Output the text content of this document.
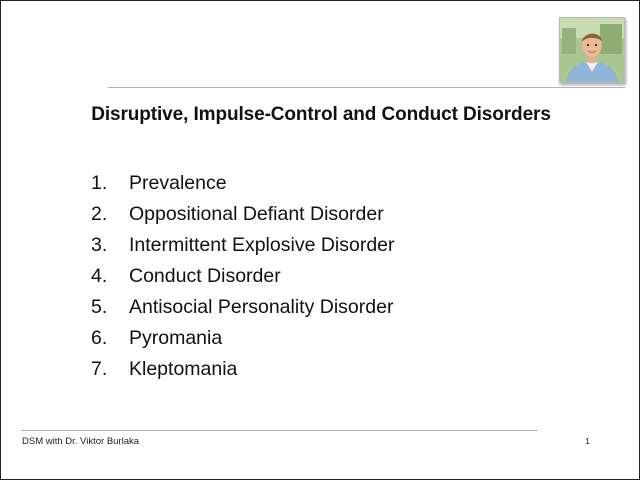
Disruptive, Impulse-Control and Conduct Disorders
1. Prevalence
2. Oppositional Defiant Disorder
3. Intermittent Explosive Disorder
4. Conduct Disorder
5. Antisocial Personality Disorder
6. Pyromania
7. Kleptomania
DSM with Dr. Viktor Burlaka	1
